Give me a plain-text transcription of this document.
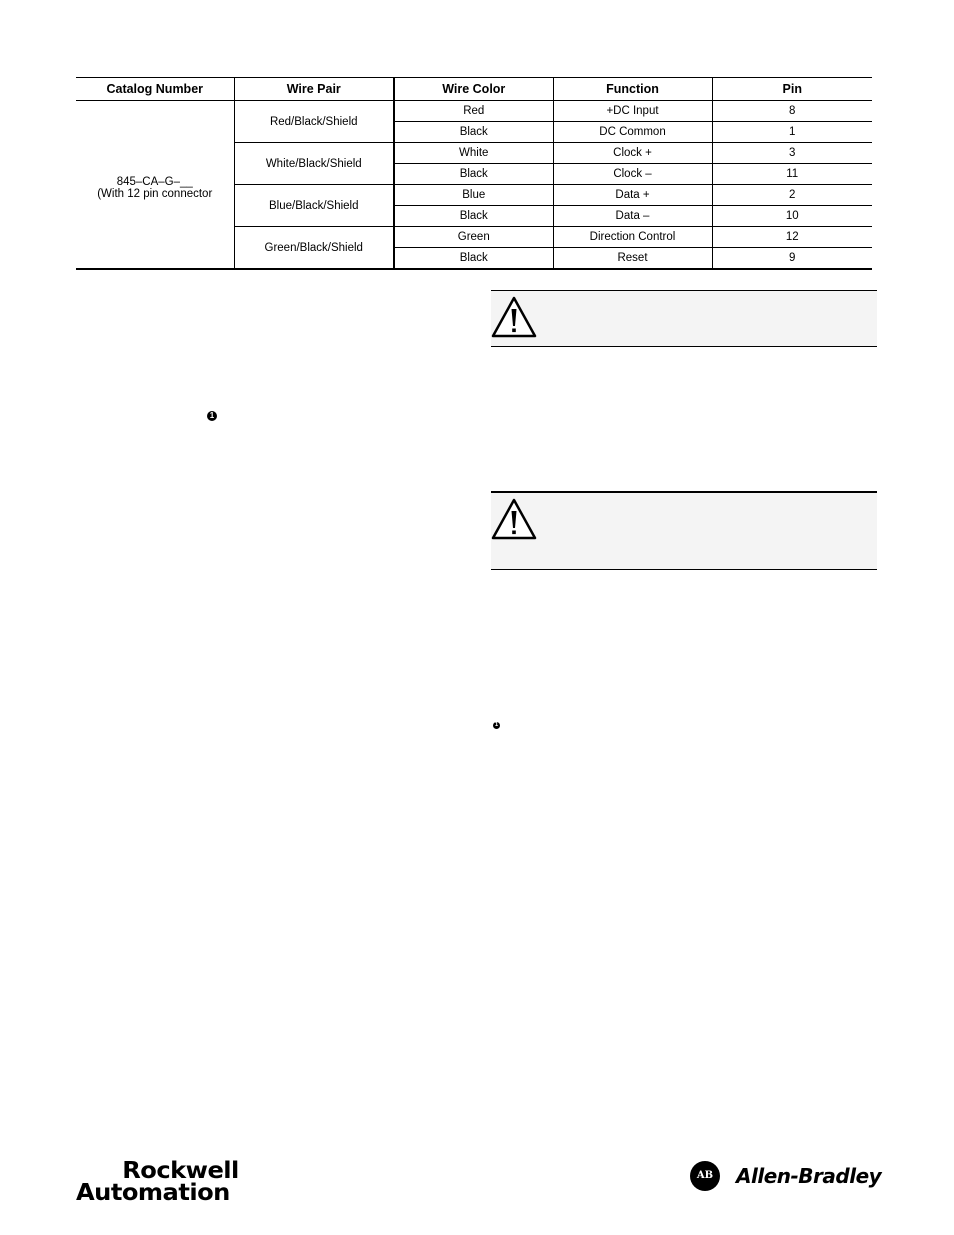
Catalog Number	Wire Pair	Wire Color	Function	Pin

845–CA–G–__
(With 12 pin connector	Red/Black/Shield	Red	+DC Input	8
		Black	DC Common	1
	White/Black/Shield	White	Clock +	3
		Black	Clock –	11
	Blue/Black/Shield	Blue	Data +	2
		Black	Data –	10
	Green/Black/Shield	Green	Direction Control	12
		Black	Reset	9
1
1
Rockwell
Automation
AB	Allen-Bradley
